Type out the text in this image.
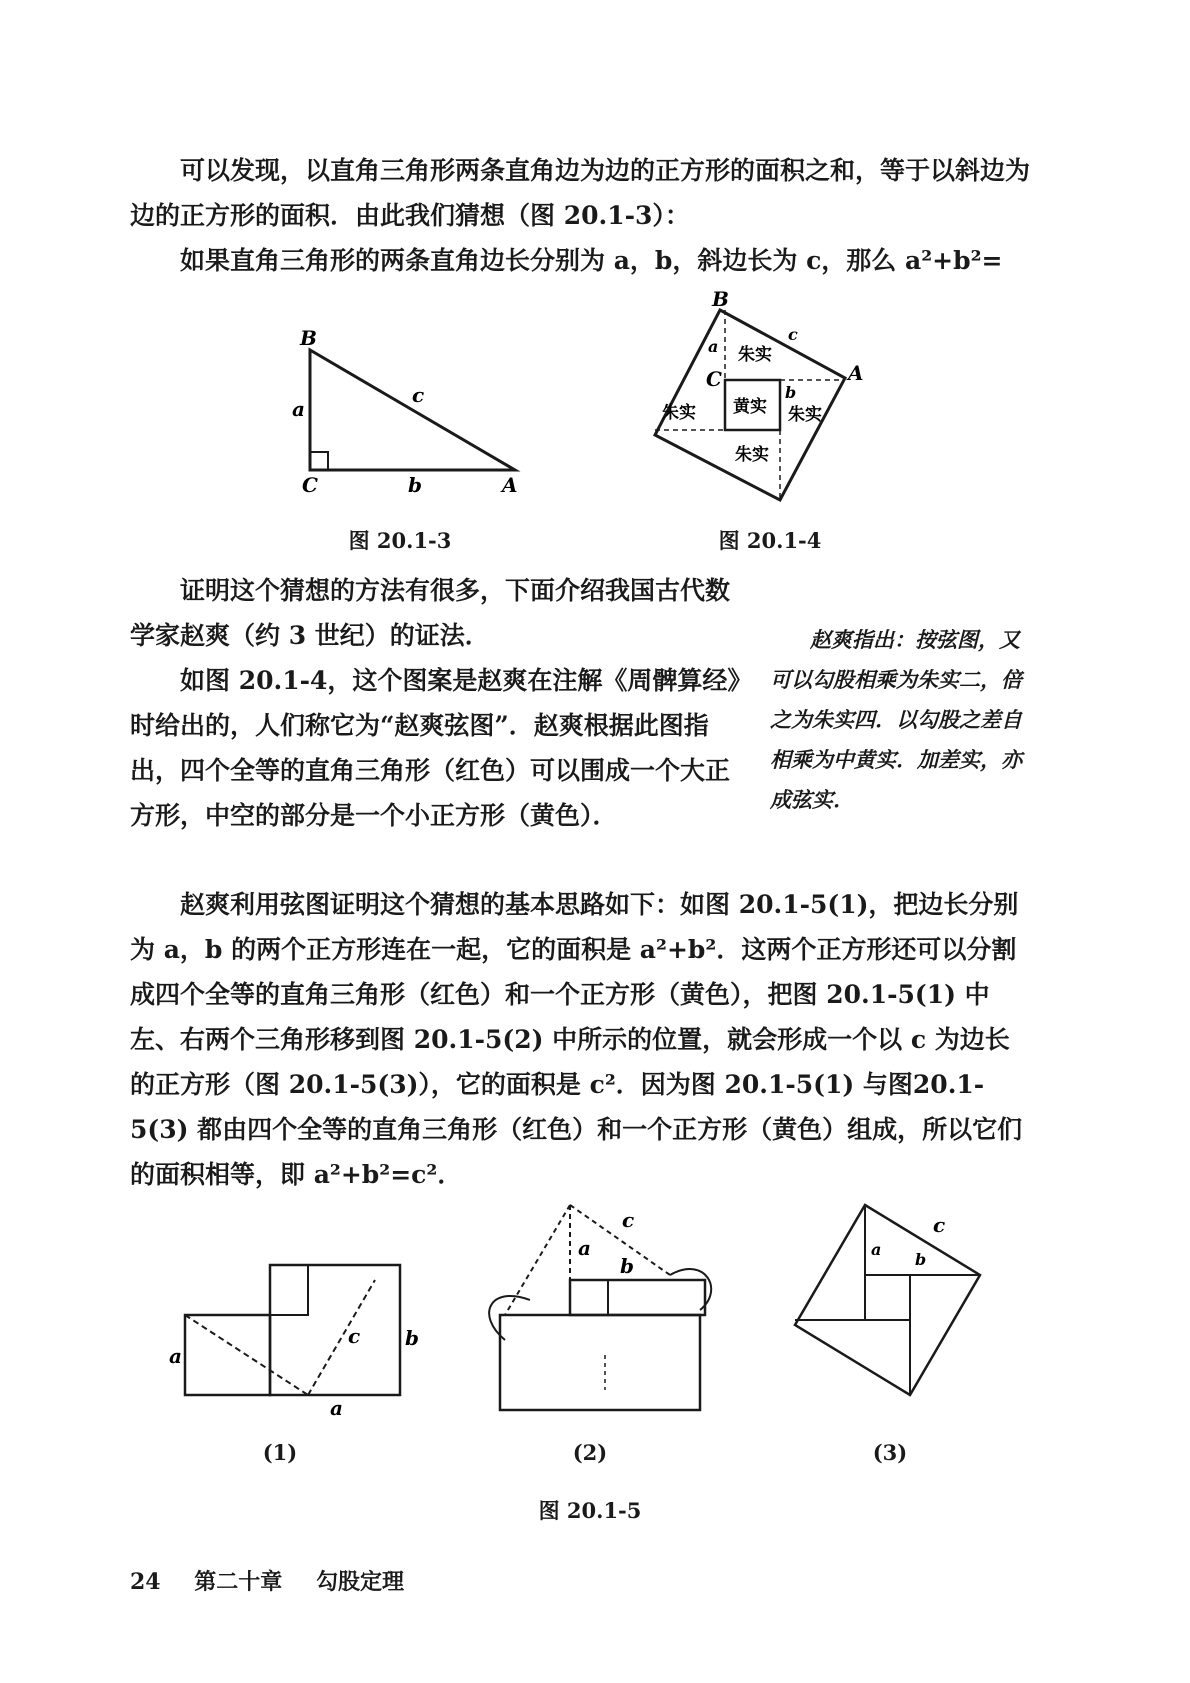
可以发现，以直角三角形两条直角边为边的正方形的面积之和，等于以斜边为边的正方形的面积．由此我们猜想（图 20.1-3）：

如果直角三角形的两条直角边长分别为 a，b，斜边长为 c，那么 a²+b²=

B
C	A
a
b
c
图 20.1-3
B
A
C
a
b
c
朱实
朱实
朱实
朱实 黄实
图 20.1-4

证明这个猜想的方法有很多，下面介绍我国古代数学家赵爽（约 3 世纪）的证法．

如图 20.1-4，这个图案是赵爽在注解《周髀算经》时给出的，人们称它为“赵爽弦图”．赵爽根据此图指出，四个全等的直角三角形（红色）可以围成一个大正方形，中空的部分是一个小正方形（黄色）．

赵爽指出：按弦图，又可以勾股相乘为朱实二，倍之为朱实四．以勾股之差自相乘为中黄实．加差实，亦成弦实．

赵爽利用弦图证明这个猜想的基本思路如下：如图 20.1-5(1)，把边长分别为 a，b 的两个正方形连在一起，它的面积是 a²+b²．这两个正方形还可以分割成四个全等的直角三角形（红色）和一个正方形（黄色），把图 20.1-5(1) 中左、右两个三角形移到图 20.1-5(2) 中所示的位置，就会形成一个以 c 为边长的正方形（图 20.1-5(3)），它的面积是 c²．因为图 20.1-5(1) 与图20.1-5(3) 都由四个全等的直角三角形（红色）和一个正方形（黄色）组成，所以它们的面积相等，即 a²+b²=c²．

a
b
c
a
(1)
a
b
c
(2)
a
b
c
(3)
图 20.1-5
24 第二十章 勾股定理
